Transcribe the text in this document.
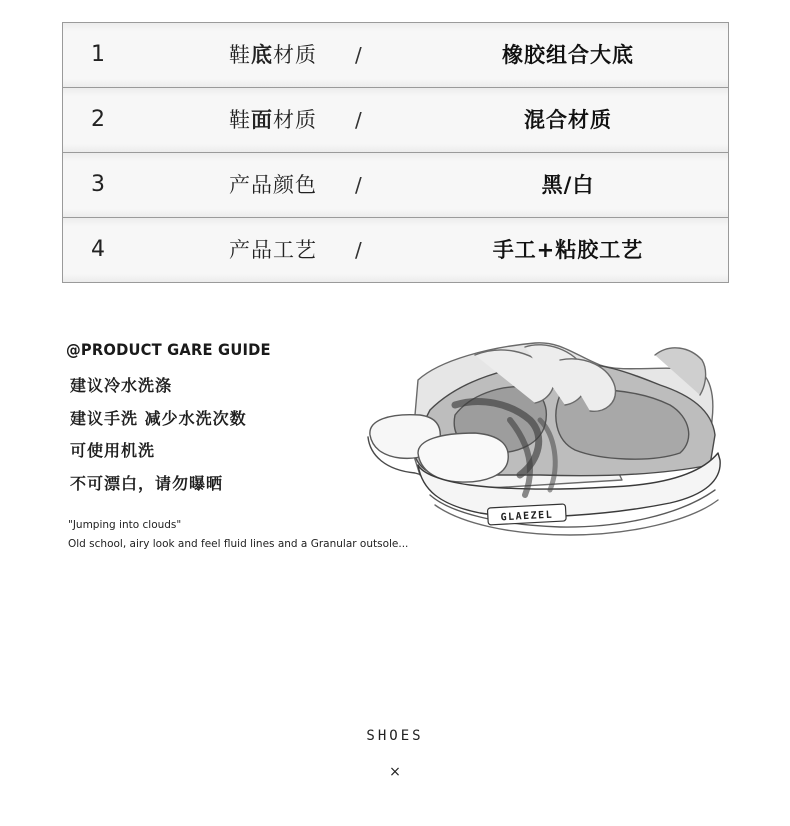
1	鞋底材质 /	橡胶组合大底
2	鞋面材质 /	混合材质
3	产品颜色 /	黑/白
4	产品工艺 /	手工+粘胶工艺
@PRODUCT GARE GUIDE
建议冷水洗涤
建议手洗 减少水洗次数
可使用机洗
不可漂白，请勿曝晒
"Jumping into clouds"
Old school, airy look and feel fluid lines and a Granular outsole...
GLAEZEL
SHOES
×
